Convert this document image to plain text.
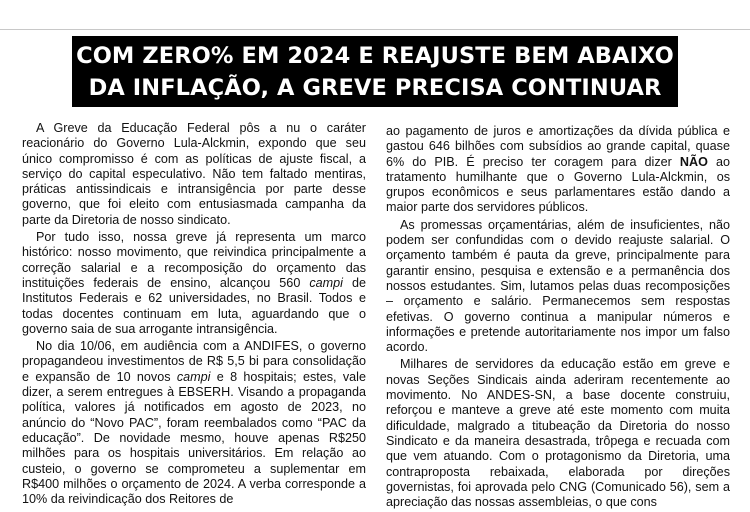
COM ZERO% EM 2024 E REAJUSTE BEM ABAIXO
DA INFLAÇÃO, A GREVE PRECISA CONTINUAR

A Greve da Educação Federal pôs a nu o caráter reacionário do Governo Lula-Alckmin, expondo que seu único compromisso é com as políticas de ajuste fiscal, a serviço do capital especulativo. Não tem faltado mentiras, práticas antissindicais e intransigência por parte desse governo, que foi eleito com entusiasmada campanha da parte da Diretoria de nosso sindicato.

Por tudo isso, nossa greve já representa um marco histórico: nosso movimento, que reivindica principalmente a correção salarial e a recomposição do orçamento das instituições federais de ensino, alcançou 560 campi de Institutos Federais e 62 universidades, no Brasil. Todos e todas docentes continuam em luta, aguardando que o governo saia de sua arrogante intransigência.

No dia 10/06, em audiência com a ANDIFES, o governo propagandeou investimentos de R$ 5,5 bi para consolidação e expansão de 10 novos campi e 8 hospitais; estes, vale dizer, a serem entregues à EBSERH. Visando a propaganda política, valores já notificados em agosto de 2023, no anúncio do “Novo PAC”, foram reembalados como “PAC da educação”. De novidade mesmo, houve apenas R$250 milhões para os hospitais universitários. Em relação ao custeio, o governo se comprometeu a suplementar em R$400 milhões o orçamento de 2024. A verba corresponde a 10% da reivindicação dos Reitores de

ao pagamento de juros e amortizações da dívida pública e gastou 646 bilhões com subsídios ao grande capital, quase 6% do PIB. É preciso ter coragem para dizer NÃO ao tratamento humilhante que o Governo Lula-Alckmin, os grupos econômicos e seus parlamentares estão dando a maior parte dos servidores públicos.

As promessas orçamentárias, além de insuficientes, não podem ser confundidas com o devido reajuste salarial. O orçamento também é pauta da greve, principalmente para garantir ensino, pesquisa e extensão e a permanência dos nossos estudantes. Sim, lutamos pelas duas recomposições – orçamento e salário. Permanecemos sem respostas efetivas. O governo continua a manipular números e informações e pretende autoritariamente nos impor um falso acordo.

Milhares de servidores da educação estão em greve e novas Seções Sindicais ainda aderiram recentemente ao movimento. No ANDES-SN, a base docente construiu, reforçou e manteve a greve até este momento com muita dificuldade, malgrado a titubeação da Diretoria do nosso Sindicato e da maneira desastrada, trôpega e recuada com que vem atuando. Com o protagonismo da Diretoria, uma contraproposta rebaixada, elaborada por direções governistas, foi aprovada pelo CNG (Comunicado 56), sem a apreciação das nossas assembleias, o que cons
